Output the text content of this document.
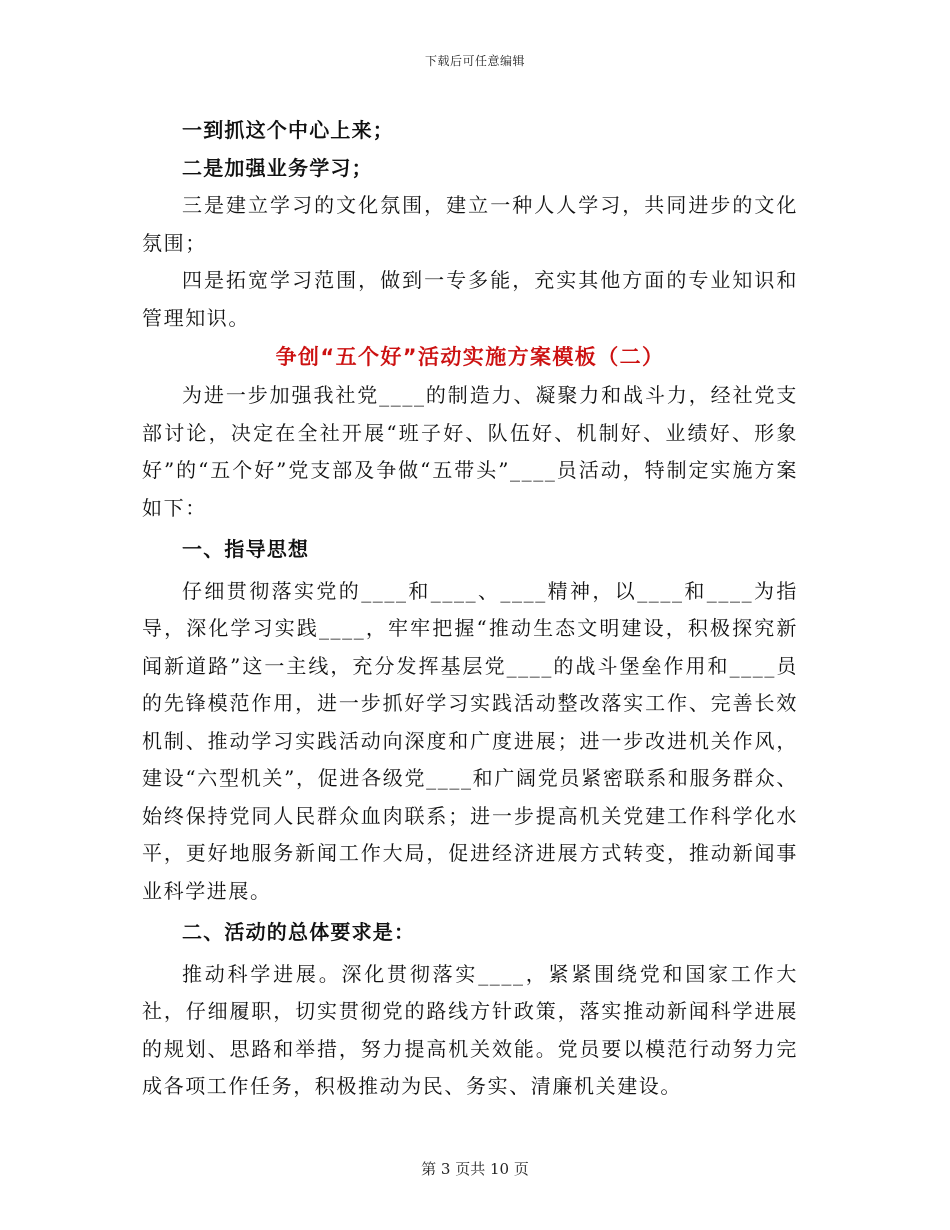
下载后可任意编辑

一到抓这个中心上来；

二是加强业务学习；

三是建立学习的文化氛围，建立一种人人学习，共同进步的文化氛围；

四是拓宽学习范围，做到一专多能，充实其他方面的专业知识和管理知识。

争创“五个好”活动实施方案模板（二）

为进一步加强我社党____的制造力、凝聚力和战斗力，经社党支部讨论，决定在全社开展“班子好、队伍好、机制好、业绩好、形象好”的“五个好”党支部及争做“五带头”____员活动，特制定实施方案如下：

一、指导思想

仔细贯彻落实党的____和____、____精神，以____和____为指导，深化学习实践____，牢牢把握“推动生态文明建设，积极探究新闻新道路”这一主线，充分发挥基层党____的战斗堡垒作用和____员的先锋模范作用，进一步抓好学习实践活动整改落实工作、完善长效机制、推动学习实践活动向深度和广度进展；进一步改进机关作风，建设“六型机关”，促进各级党____和广阔党员紧密联系和服务群众、始终保持党同人民群众血肉联系；进一步提高机关党建工作科学化水平，更好地服务新闻工作大局，促进经济进展方式转变，推动新闻事业科学进展。

二、活动的总体要求是：

推动科学进展。深化贯彻落实____，紧紧围绕党和国家工作大社，仔细履职，切实贯彻党的路线方针政策，落实推动新闻科学进展的规划、思路和举措，努力提高机关效能。党员要以模范行动努力完成各项工作任务，积极推动为民、务实、清廉机关建设。

第 3 页共 10 页
